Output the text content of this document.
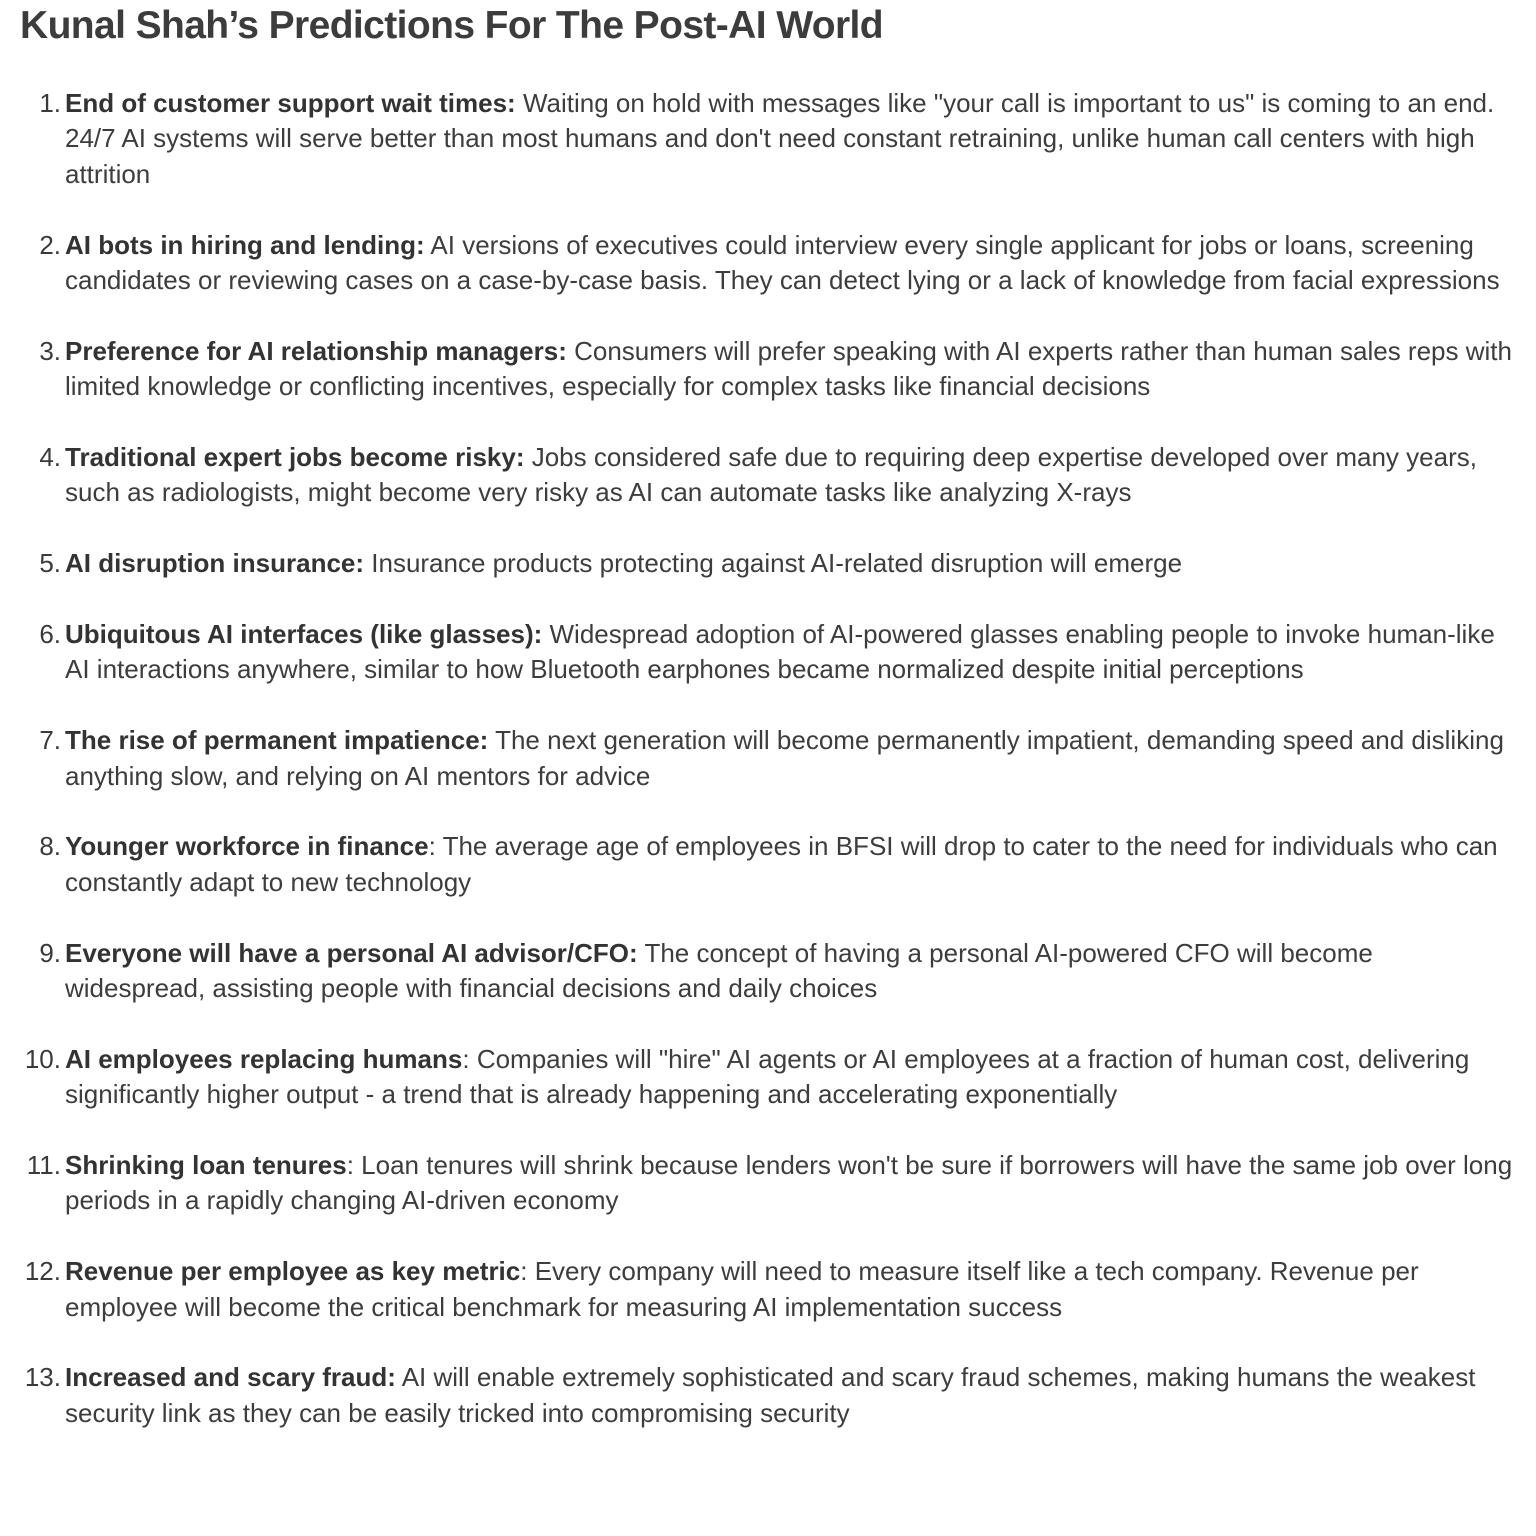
Kunal Shah’s Predictions For The Post-AI World
1. End of customer support wait times: Waiting on hold with messages like "your call is important to us" is coming to an end. 24/7 AI systems will serve better than most humans and don't need constant retraining, unlike human call centers with high attrition
2. AI bots in hiring and lending: AI versions of executives could interview every single applicant for jobs or loans, screening candidates or reviewing cases on a case-by-case basis. They can detect lying or a lack of knowledge from facial expressions
3. Preference for AI relationship managers: Consumers will prefer speaking with AI experts rather than human sales reps with limited knowledge or conflicting incentives, especially for complex tasks like financial decisions
4. Traditional expert jobs become risky: Jobs considered safe due to requiring deep expertise developed over many years, such as radiologists, might become very risky as AI can automate tasks like analyzing X-rays
5. AI disruption insurance: Insurance products protecting against AI-related disruption will emerge
6. Ubiquitous AI interfaces (like glasses): Widespread adoption of AI-powered glasses enabling people to invoke human-like AI interactions anywhere, similar to how Bluetooth earphones became normalized despite initial perceptions
7. The rise of permanent impatience: The next generation will become permanently impatient, demanding speed and disliking anything slow, and relying on AI mentors for advice
8. Younger workforce in finance: The average age of employees in BFSI will drop to cater to the need for individuals who can constantly adapt to new technology
9. Everyone will have a personal AI advisor/CFO: The concept of having a personal AI-powered CFO will become widespread, assisting people with financial decisions and daily choices
10. AI employees replacing humans: Companies will "hire" AI agents or AI employees at a fraction of human cost, delivering significantly higher output - a trend that is already happening and accelerating exponentially
11. Shrinking loan tenures: Loan tenures will shrink because lenders won't be sure if borrowers will have the same job over long periods in a rapidly changing AI-driven economy
12. Revenue per employee as key metric: Every company will need to measure itself like a tech company. Revenue per employee will become the critical benchmark for measuring AI implementation success
13. Increased and scary fraud: AI will enable extremely sophisticated and scary fraud schemes, making humans the weakest security link as they can be easily tricked into compromising security
